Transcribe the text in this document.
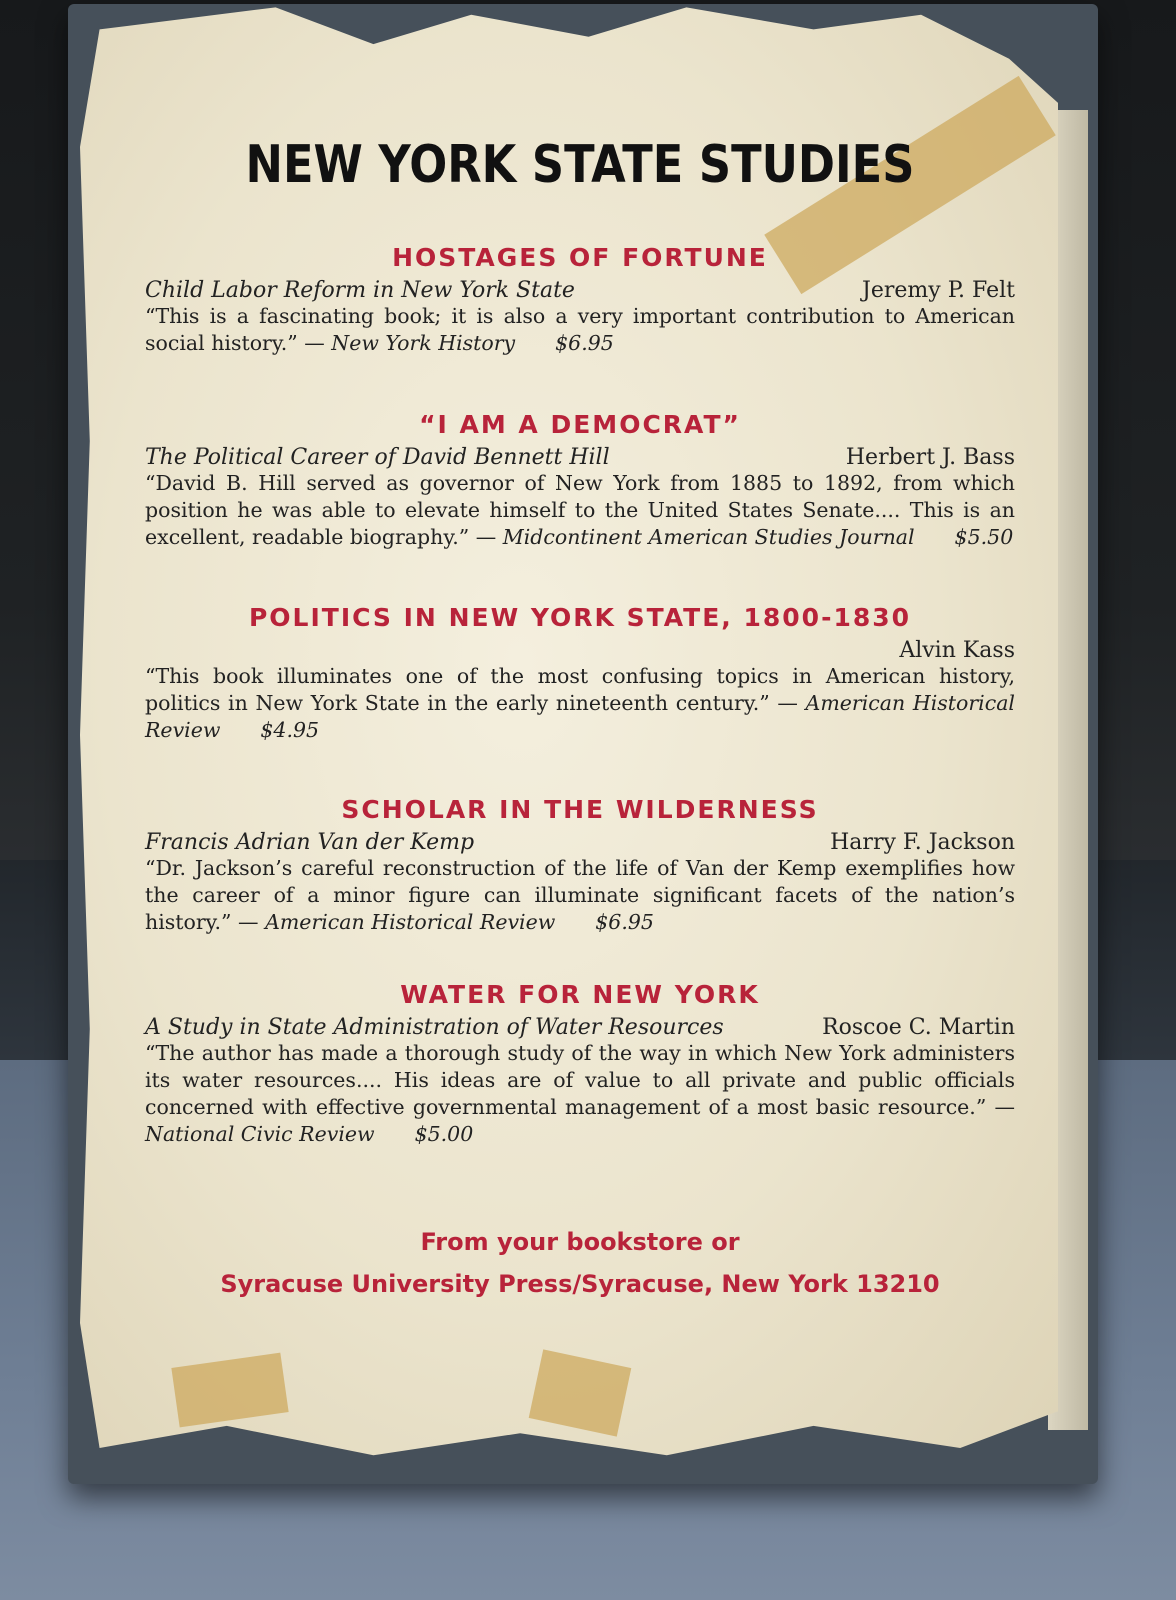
NEW YORK STATE STUDIES
HOSTAGES OF FORTUNE
Child Labor Reform in New York State	Jeremy P. Felt
“This is a fascinating book; it is also a very important contribution to American social history.” — New York History $6.95
“I AM A DEMOCRAT”
The Political Career of David Bennett Hill	Herbert J. Bass
“David B. Hill served as governor of New York from 1885 to 1892, from which position he was able to elevate himself to the United States Senate.... This is an excellent, readable biography.” — Midcontinent American Studies Journal $5.50
POLITICS IN NEW YORK STATE, 1800-1830
Alvin Kass
“This book illuminates one of the most confusing topics in American history, politics in New York State in the early nineteenth century.” — American Historical Review $4.95
SCHOLAR IN THE WILDERNESS
Francis Adrian Van der Kemp	Harry F. Jackson
“Dr. Jackson’s careful reconstruction of the life of Van der Kemp exemplifies how the career of a minor figure can illuminate significant facets of the nation’s history.” — American Historical Review $6.95
WATER FOR NEW YORK
A Study in State Administration of Water Resources	Roscoe C. Martin
“The author has made a thorough study of the way in which New York administers its water resources.... His ideas are of value to all private and public officials concerned with effective governmental management of a most basic resource.” — National Civic Review $5.00
From your bookstore or
Syracuse University Press/Syracuse, New York 13210
